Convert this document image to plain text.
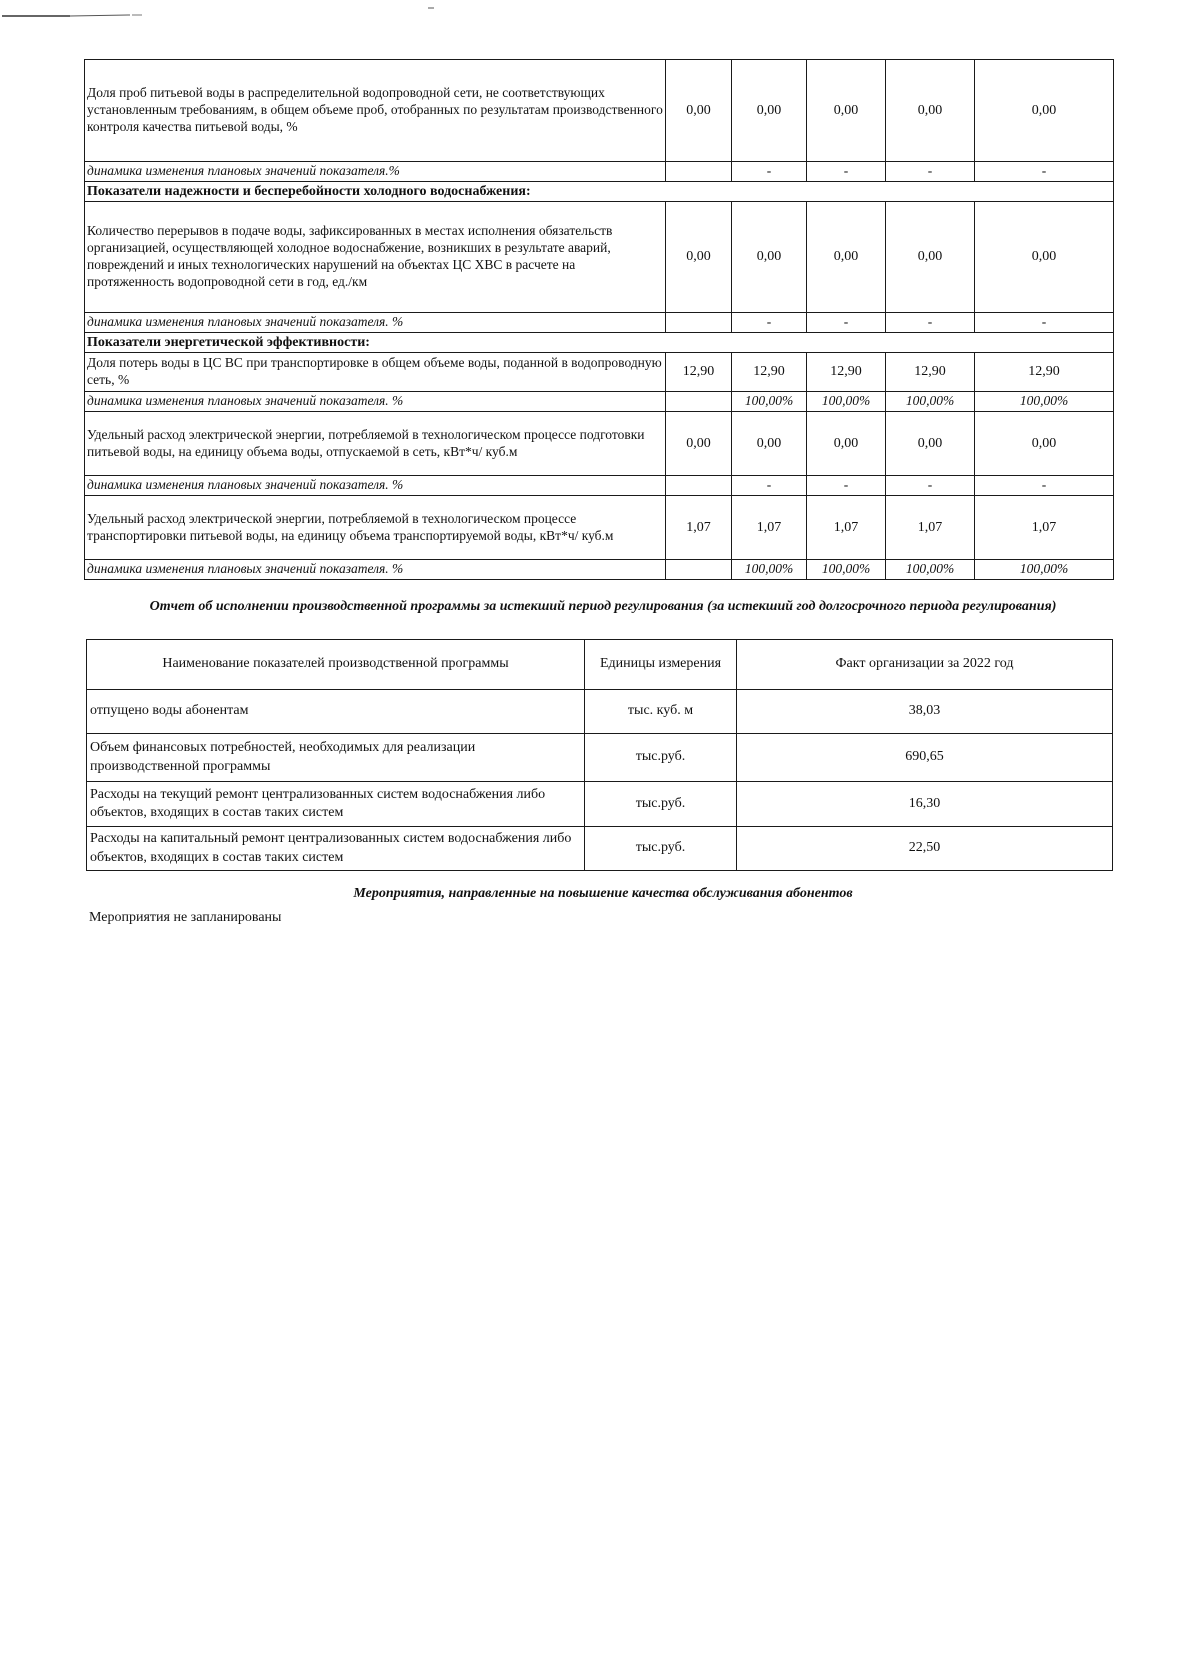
Доля проб питьевой воды в распределительной водопроводной сети, не соответствующих установленным требованиям, в общем объеме проб, отобранных по результатам производственного контроля качества питьевой воды, %	0,00	0,00	0,00	0,00	0,00
динамика изменения плановых значений показателя.%		-	-	-	-
Показатели надежности и бесперебойности холодного водоснабжения:					
Количество перерывов в подаче воды, зафиксированных в местах исполнения обязательств организацией, осуществляющей холодное водоснабжение, возникших в результате аварий, повреждений и иных технологических нарушений на объектах ЦС ХВС в расчете на протяженность водопроводной сети в год, ед./км	0,00	0,00	0,00	0,00	0,00
динамика изменения плановых значений показателя. %		-	-	-	-
Показатели энергетической эффективности:					
Доля потерь воды в ЦС ВС при транспортировке в общем объеме воды, поданной в водопроводную сеть, %	12,90	12,90	12,90	12,90	12,90
динамика изменения плановых значений показателя. %		100,00%	100,00%	100,00%	100,00%
Удельный расход электрической энергии, потребляемой в технологическом процессе подготовки питьевой воды, на единицу объема воды, отпускаемой в сеть, кВт*ч/ куб.м	0,00	0,00	0,00	0,00	0,00
динамика изменения плановых значений показателя. %		-	-	-	-
Удельный расход электрической энергии, потребляемой в технологическом процессе транспортировки питьевой воды, на единицу объема транспортируемой воды, кВт*ч/ куб.м	1,07	1,07	1,07	1,07	1,07
динамика изменения плановых значений показателя. %		100,00%	100,00%	100,00%	100,00%
Отчет об исполнении производственной программы за истекший период регулирования (за истекший год долгосрочного периода регулирования)
Наименование показателей производственной программы	Единицы измерения	Факт организации за 2022 год
отпущено воды абонентам	тыс. куб. м	38,03
Объем финансовых потребностей, необходимых для реализации производственной программы	тыс.руб.	690,65
Расходы на текущий ремонт централизованных систем водоснабжения либо объектов, входящих в состав таких систем	тыс.руб.	16,30
Расходы на капитальный ремонт централизованных систем водоснабжения либо объектов, входящих в состав таких систем	тыс.руб.	22,50
Мероприятия, направленные на повышение качества обслуживания абонентов
Мероприятия не запланированы
